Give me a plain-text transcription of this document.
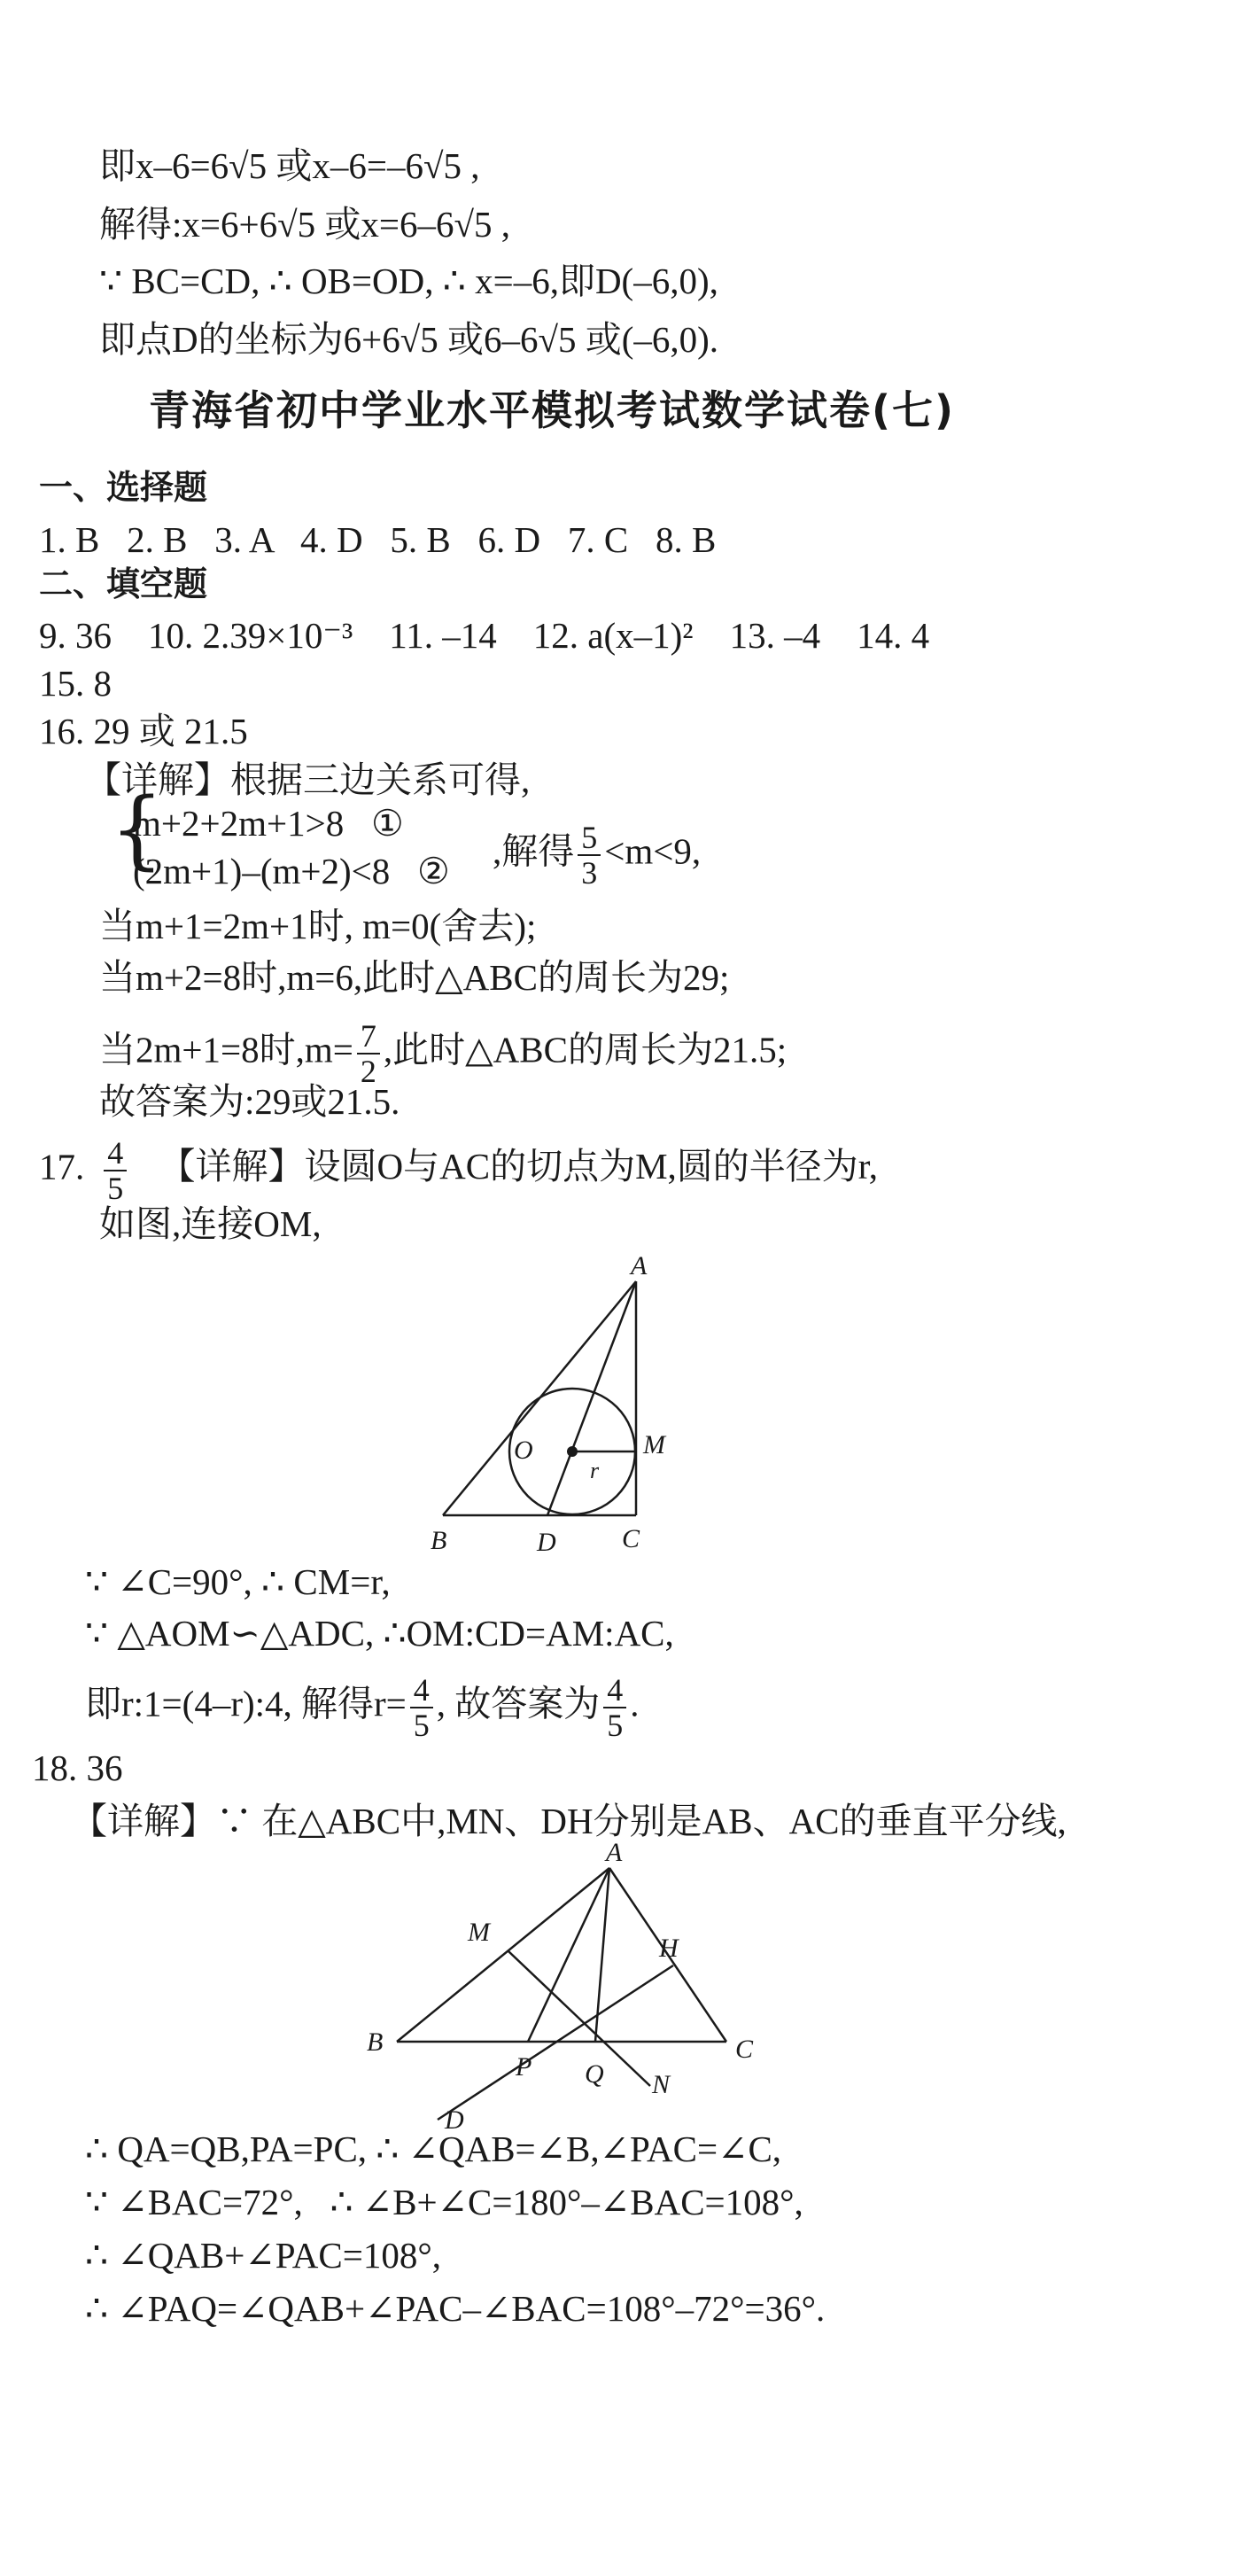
即x–6=6√5 或x–6=–6√5 ,
解得:x=6+6√5 或x=6–6√5 ,
∵ BC=CD, ∴ OB=OD, ∴ x=–6,即D(–6,0),
即点D的坐标为6+6√5 或6–6√5 或(–6,0).
青海省初中学业水平模拟考试数学试卷(七)
一、选择题
1. B   2. B   3. A   4. D   5. B   6. D   7. C   8. B
二、填空题
9. 36    10. 2.39×10⁻³    11. –14    12. a(x–1)²    13. –4    14. 4
15. 8
16. 29 或 21.5
【详解】根据三边关系可得,
{
m+2+2m+1>8   ①
(2m+1)–(m+2)<8   ② ,解得 $\frac{5}{3} <m<9$,
当m+1=2m+1时, m=0(舍去);
当m+2=8时,m=6,此时△ABC的周长为29;
当2m+1=8时$,m= \frac{7}{2}$ ,此时△ABC的周长为21.5;
故答案为:29或21.5.
17. $\frac{4}{5}$ 【详解】设圆O与AC的切点为M,圆的半径为r,
如图,连接OM,
A
B	C
D
O	M
r
∵ ∠C=90°, ∴ CM=r,
∵ △AOM∽△ADC, ∴OM:CD=AM:AC,
即r:1=(4–r):4, 解得$r= \frac{4}{5}$ , 故答案为 $\frac{4}{5}$ .
18. 36
【详解】∵ 在△ABC中,MN、DH分别是AB、AC的垂直平分线,
A
B	C
M
H
P Q N
D
∴ QA=QB,PA=PC, ∴ ∠QAB=∠B,∠PAC=∠C,
∵ ∠BAC=72°,   ∴ ∠B+∠C=180°–∠BAC=108°,
∴ ∠QAB+∠PAC=108°,
∴ ∠PAQ=∠QAB+∠PAC–∠BAC=108°–72°=36°.
